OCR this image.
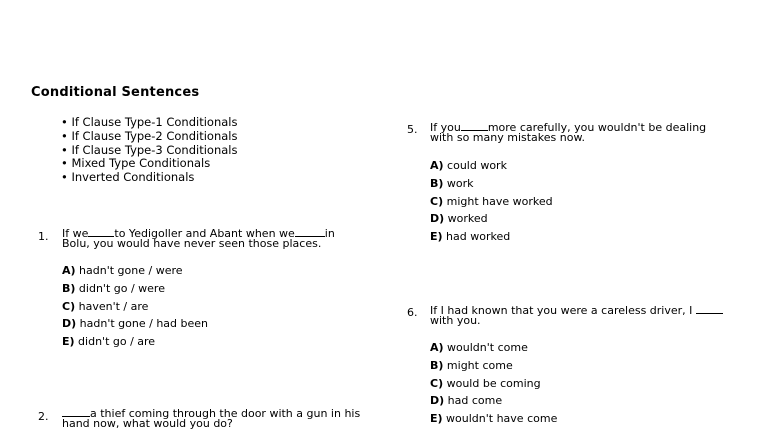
Conditional Sentences
• If Clause Type-1 Conditionals
• If Clause Type-2 Conditionals
• If Clause Type-3 Conditionals
• Mixed Type Conditionals
• Inverted Conditionals
1. If we to Yedigoller and Abant when we	in
Bolu, you would have never seen those places.
A) hadn't gone / were
B) didn't go / were
C) haven't / are
D) hadn't gone / had been
E) didn't go / are
2.	a thief coming through the door with a gun in his
hand now, what would you do?
5. If you more carefully, you wouldn't be dealing
with so many mistakes now.
A) could work
B) work
C) might have worked
D) worked
E) had worked
6. If I had known that you were a careless driver, I
with you.
A) wouldn't come
B) might come
C) would be coming
D) had come
E) wouldn't have come
